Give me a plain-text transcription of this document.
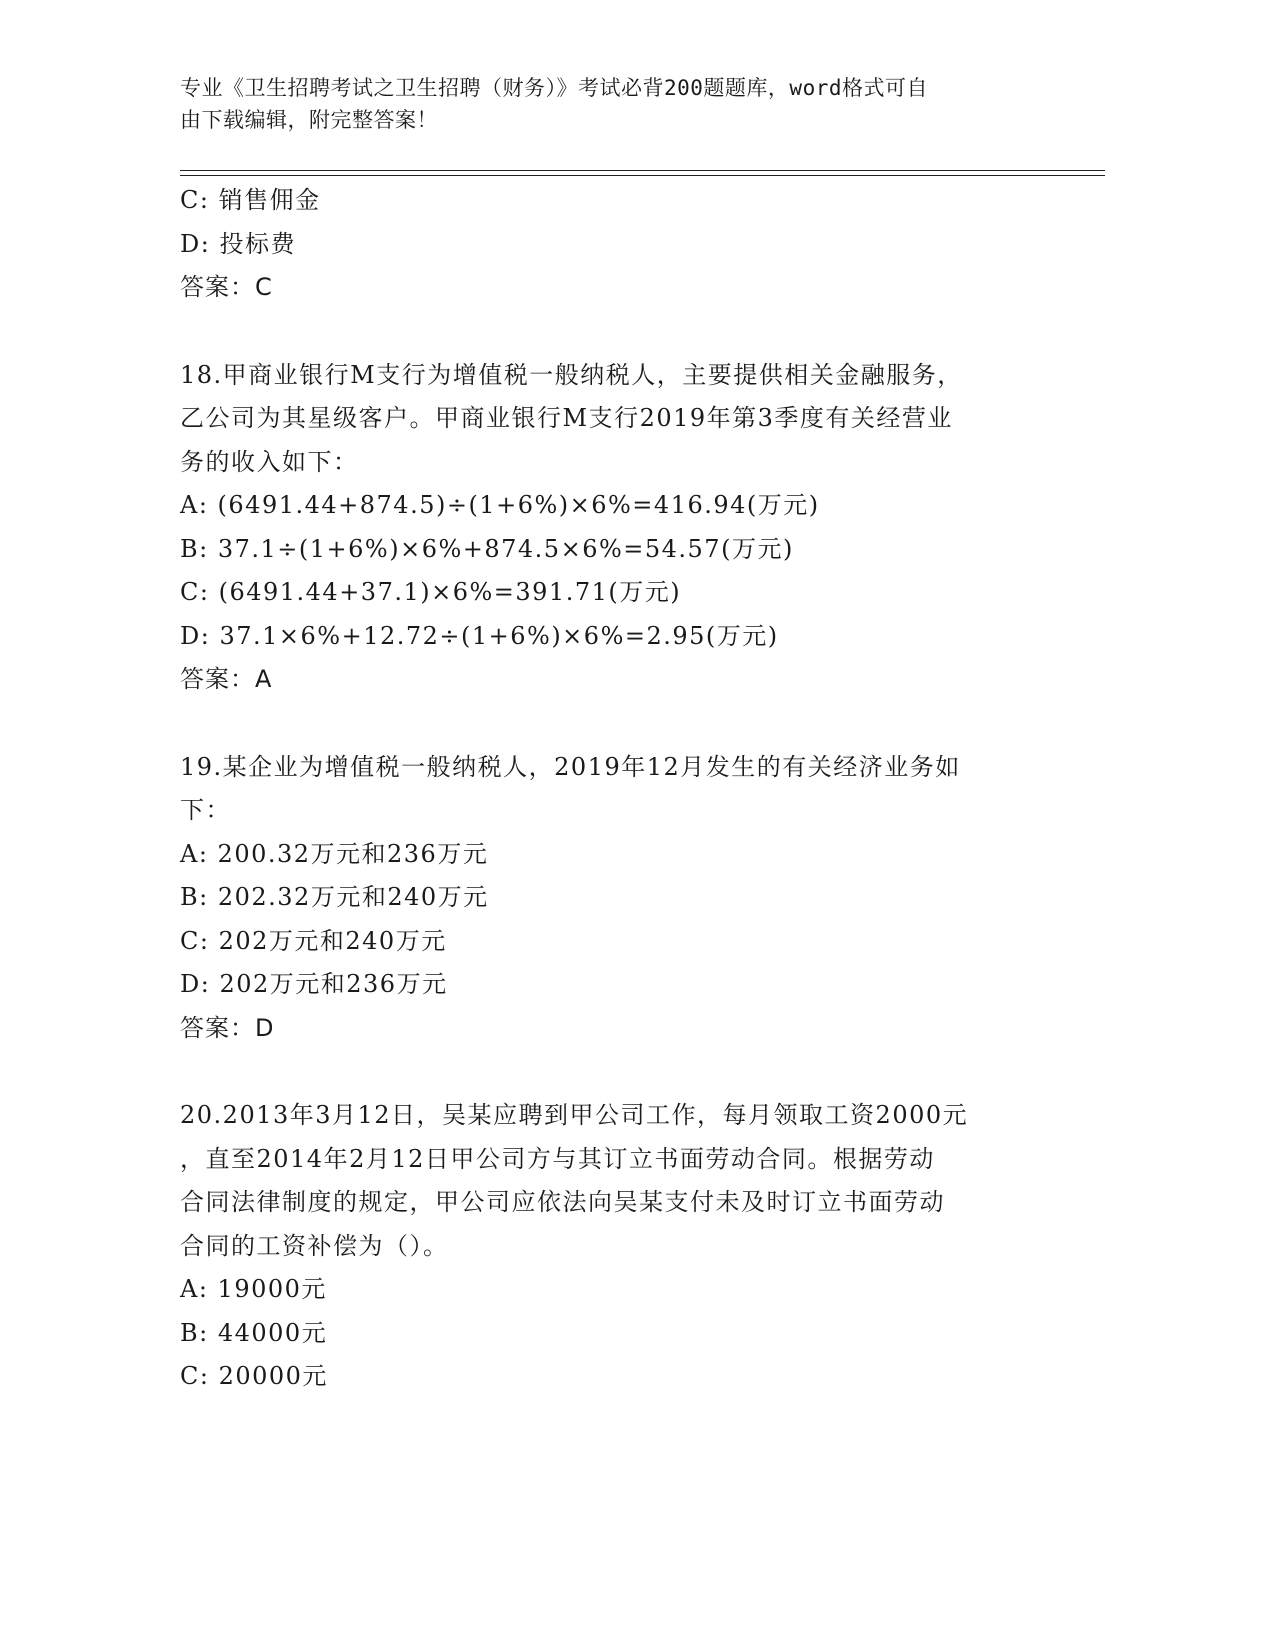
专业《卫生招聘考试之卫生招聘（财务）》考试必背200题题库，word格式可自
由下载编辑，附完整答案！
C: 销售佣金
D: 投标费
答案：C
18.甲商业银行M支行为增值税一般纳税人，主要提供相关金融服务，
乙公司为其星级客户。甲商业银行M支行2019年第3季度有关经营业
务的收入如下：
A: (6491.44+874.5)÷(1+6%)×6%=416.94(万元)
B: 37.1÷(1+6%)×6%+874.5×6%=54.57(万元)
C: (6491.44+37.1)×6%=391.71(万元)
D: 37.1×6%+12.72÷(1+6%)×6%=2.95(万元)
答案：A
19.某企业为增值税一般纳税人，2019年12月发生的有关经济业务如
下：
A: 200.32万元和236万元
B: 202.32万元和240万元
C: 202万元和240万元
D: 202万元和236万元
答案：D
20.2013年3月12日，吴某应聘到甲公司工作，每月领取工资2000元
，直至2014年2月12日甲公司方与其订立书面劳动合同。根据劳动
合同法律制度的规定，甲公司应依法向吴某支付未及时订立书面劳动
合同的工资补偿为（）。
A: 19000元
B: 44000元
C: 20000元
